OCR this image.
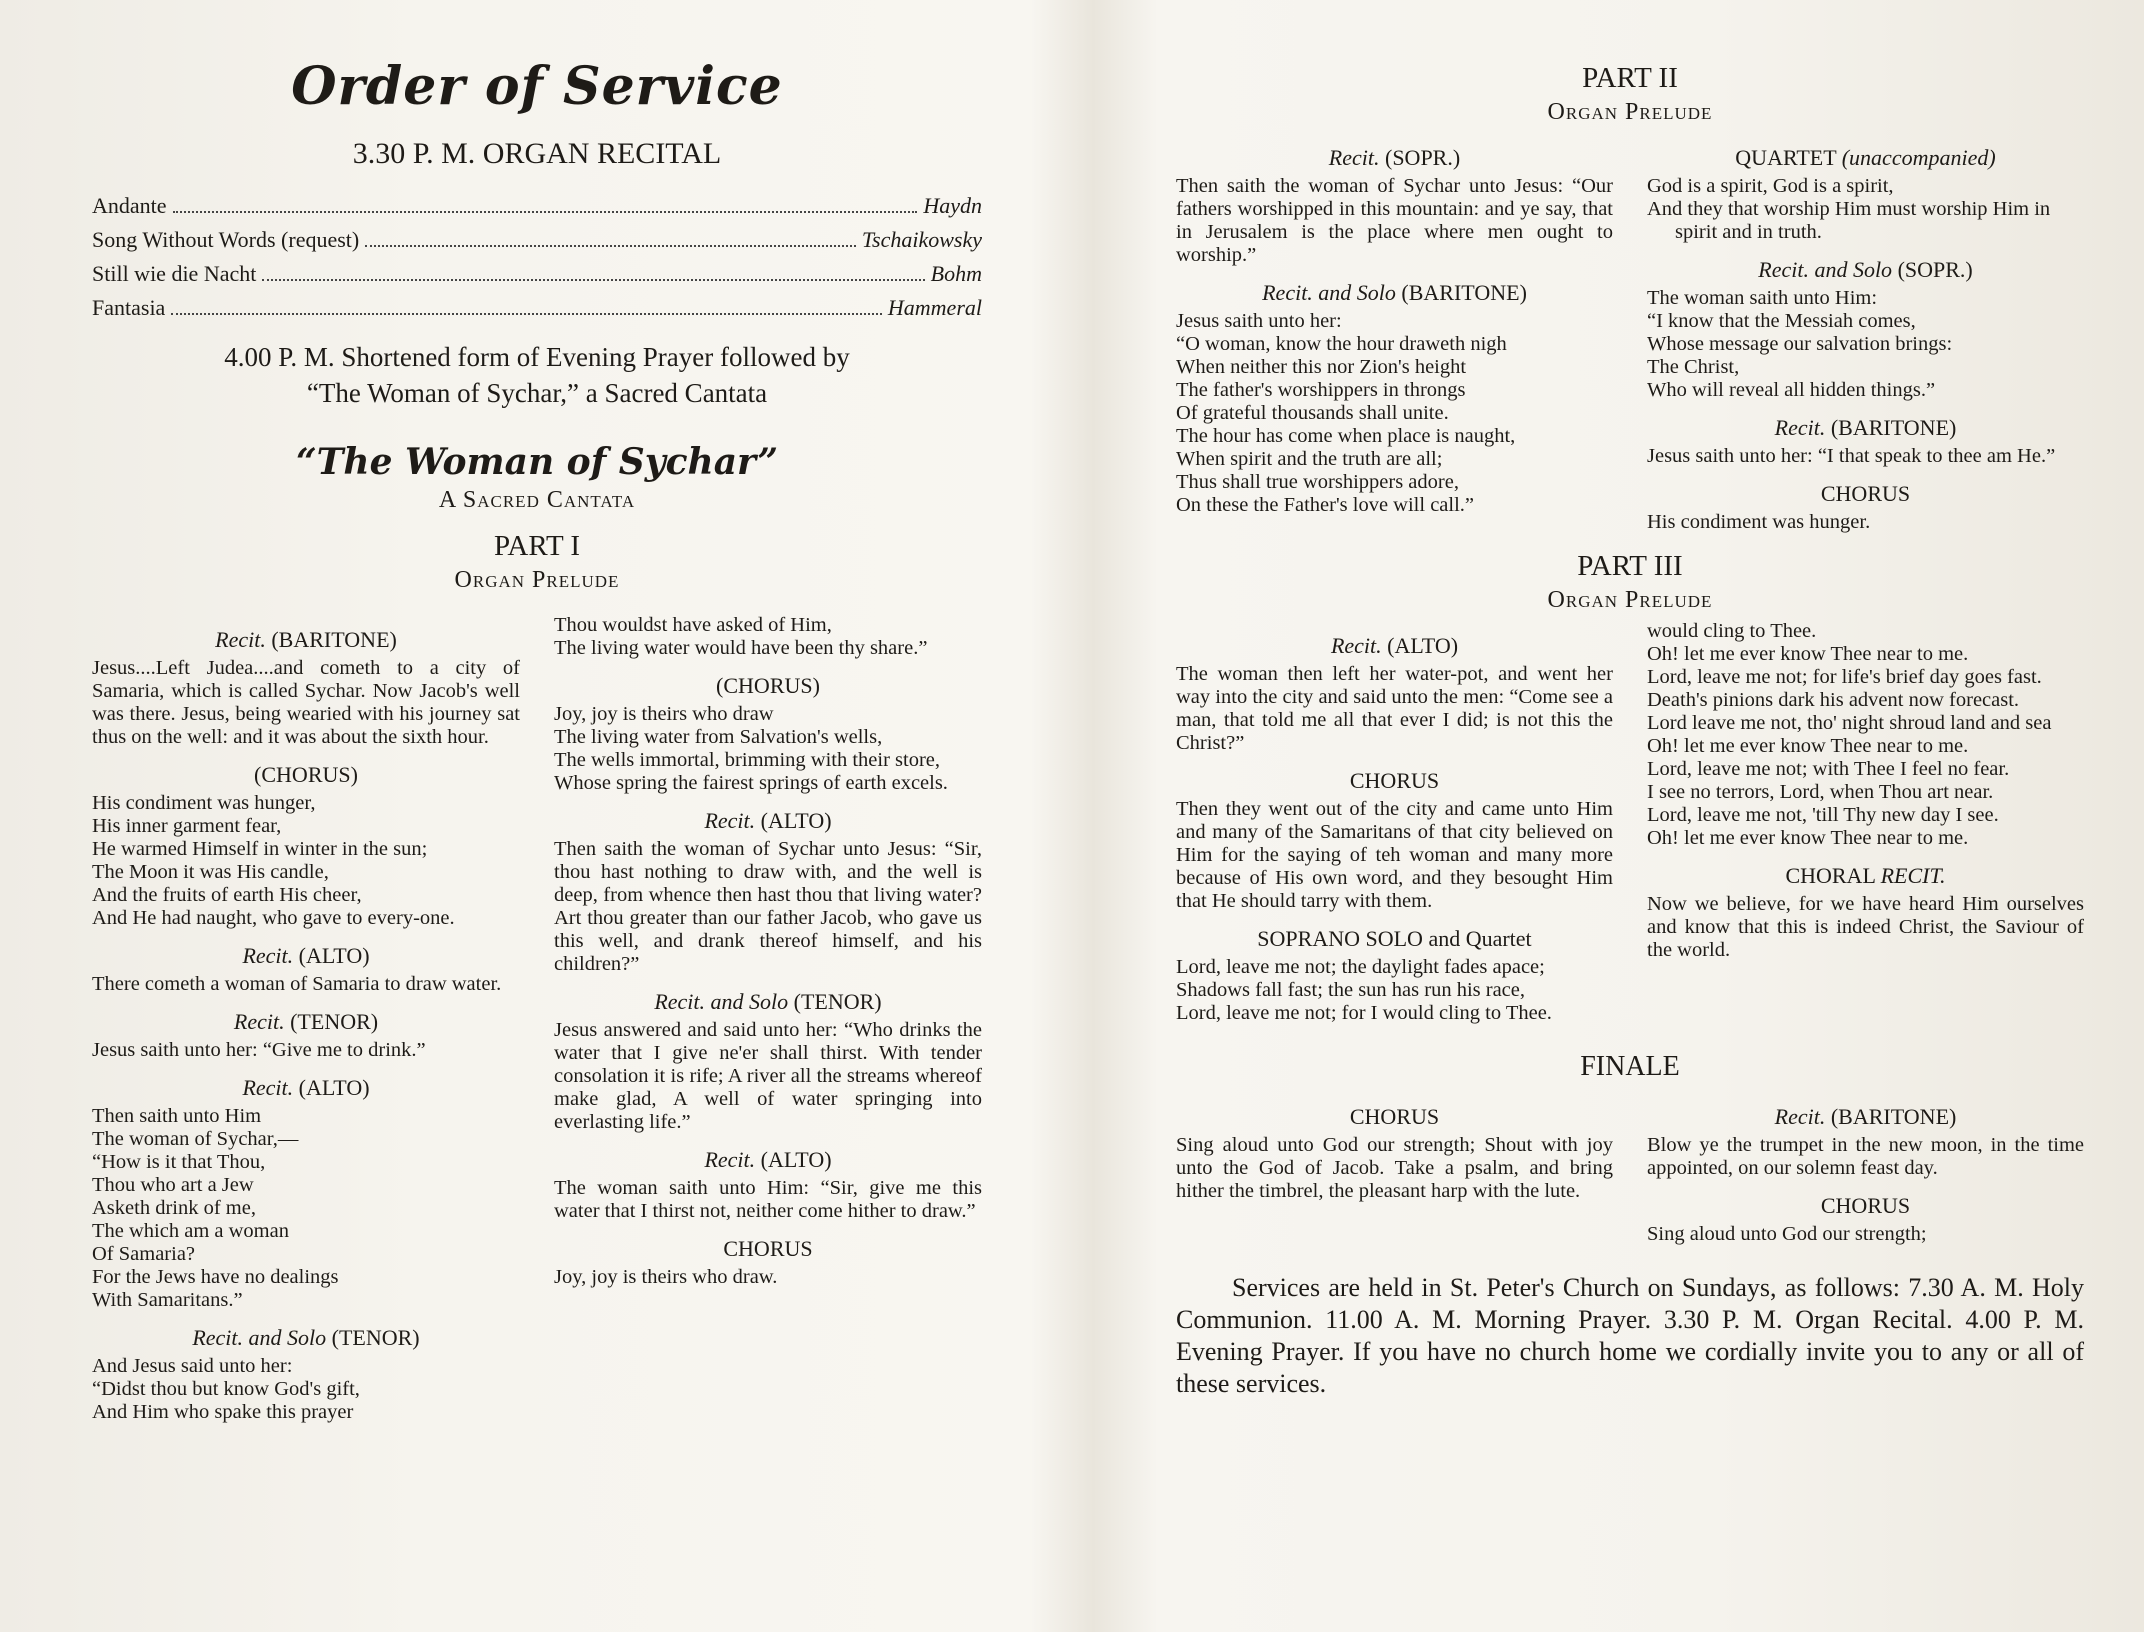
Order of Service
3.30 P. M. ORGAN RECITAL
Andante	Haydn
Song Without Words (request)	Tschaikowsky
Still wie die Nacht	Bohm
Fantasia	Hammeral
4.00 P. M. Shortened form of Evening Prayer followed by
“The Woman of Sychar,” a Sacred Cantata
“The Woman of Sychar”
A Sacred Cantata
PART I
Organ Prelude
Recit. (BARITONE)

Jesus....Left Judea....and cometh to a city of Samaria, which is called Sychar. Now Jacob's well was there. Jesus, being wearied with his journey sat thus on the well: and it was about the sixth hour.

(CHORUS)
His condiment was hunger,
His inner garment fear,
He warmed Himself in winter in the sun;
The Moon it was His candle,
And the fruits of earth His cheer,
And He had naught, who gave to every-one.
Recit. (ALTO)

There cometh a woman of Samaria to draw water.

Recit. (TENOR)

Jesus saith unto her: “Give me to drink.”

Recit. (ALTO)
Then saith unto Him
The woman of Sychar,—
“How is it that Thou,
Thou who art a Jew
Asketh drink of me,
The which am a woman
Of Samaria?
For the Jews have no dealings
With Samaritans.”
Recit. and Solo (TENOR)
And Jesus said unto her:
“Didst thou but know God's gift,
And Him who spake this prayer
Thou wouldst have asked of Him,
The living water would have been thy share.”
(CHORUS)
Joy, joy is theirs who draw
The living water from Salvation's wells,
The wells immortal, brimming with their store,
Whose spring the fairest springs of earth excels.
Recit. (ALTO)

Then saith the woman of Sychar unto Jesus: “Sir, thou hast nothing to draw with, and the well is deep, from whence then hast thou that living water? Art thou greater than our father Jacob, who gave us this well, and drank thereof himself, and his children?”

Recit. and Solo (TENOR)

Jesus answered and said unto her: “Who drinks the water that I give ne'er shall thirst. With tender consolation it is rife; A river all the streams whereof make glad, A well of water springing into everlasting life.”

Recit. (ALTO)

The woman saith unto Him: “Sir, give me this water that I thirst not, neither come hither to draw.”

CHORUS

Joy, joy is theirs who draw.

PART II
Organ Prelude
Recit. (SOPR.)

Then saith the woman of Sychar unto Jesus: “Our fathers worshipped in this mountain: and ye say, that in Jerusalem is the place where men ought to worship.”

Recit. and Solo (BARITONE)
Jesus saith unto her:
“O woman, know the hour draweth nigh
When neither this nor Zion's height
The father's worshippers in throngs
Of grateful thousands shall unite.
The hour has come when place is naught,
When spirit and the truth are all;
Thus shall true worshippers adore,
On these the Father's love will call.”
QUARTET (unaccompanied)
God is a spirit, God is a spirit,
And they that worship Him must worship Him in spirit and in truth.
Recit. and Solo (SOPR.)
The woman saith unto Him:
“I know that the Messiah comes,
Whose message our salvation brings:
The Christ,
Who will reveal all hidden things.”
Recit. (BARITONE)

Jesus saith unto her: “I that speak to thee am He.”

CHORUS

His condiment was hunger.

PART III
Organ Prelude
Recit. (ALTO)

The woman then left her water-pot, and went her way into the city and said unto the men: “Come see a man, that told me all that ever I did; is not this the Christ?”

CHORUS

Then they went out of the city and came unto Him and many of the Samaritans of that city believed on Him for the saying of teh woman and many more because of His own word, and they besought Him that He should tarry with them.

SOPRANO SOLO and Quartet
Lord, leave me not; the daylight fades apace;
Shadows fall fast; the sun has run his race,
Lord, leave me not; for I would cling to Thee.
would cling to Thee.
Oh! let me ever know Thee near to me.
Lord, leave me not; for life's brief day goes fast.
Death's pinions dark his advent now forecast.
Lord leave me not, tho' night shroud land and sea
Oh! let me ever know Thee near to me.
Lord, leave me not; with Thee I feel no fear.
I see no terrors, Lord, when Thou art near.
Lord, leave me not, 'till Thy new day I see.
Oh! let me ever know Thee near to me.
CHORAL RECIT.

Now we believe, for we have heard Him ourselves and know that this is indeed Christ, the Saviour of the world.

FINALE
CHORUS

Sing aloud unto God our strength; Shout with joy unto the God of Jacob. Take a psalm, and bring hither the timbrel, the pleasant harp with the lute.

Recit. (BARITONE)

Blow ye the trumpet in the new moon, in the time appointed, on our solemn feast day.

CHORUS

Sing aloud unto God our strength;

Services are held in St. Peter's Church on Sundays, as follows: 7.30 A. M. Holy Communion. 11.00 A. M. Morning Prayer. 3.30 P. M. Organ Recital. 4.00 P. M. Evening Prayer. If you have no church home we cordially invite you to any or all of these services.
